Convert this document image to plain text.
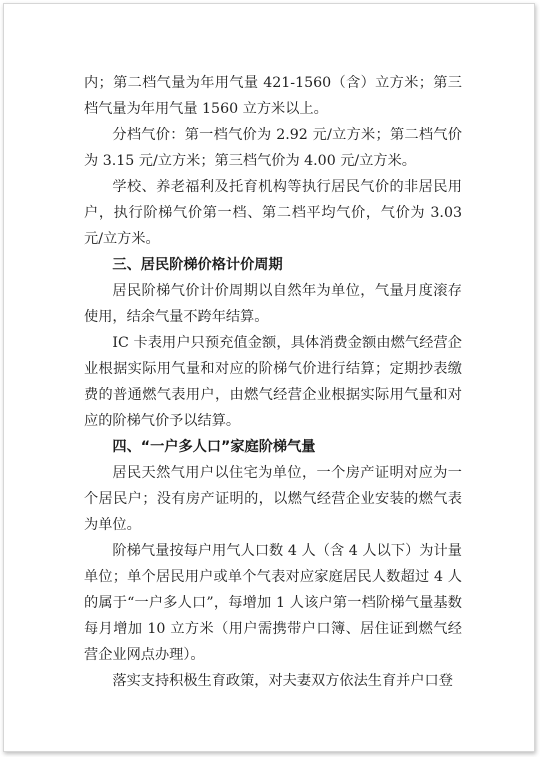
内；第二档气量为年用气量 421-1560（含）立方米；第三档气量为年用气量 1560 立方米以上。

分档气价：第一档气价为 2.92 元/立方米；第二档气价为 3.15 元/立方米；第三档气价为 4.00 元/立方米。

学校、养老福利及托育机构等执行居民气价的非居民用户，执行阶梯气价第一档、第二档平均气价，气价为 3.03 元/立方米。

三、居民阶梯价格计价周期

居民阶梯气价计价周期以自然年为单位，气量月度滚存使用，结余气量不跨年结算。

IC 卡表用户只预充值金额，具体消费金额由燃气经营企业根据实际用气量和对应的阶梯气价进行结算；定期抄表缴费的普通燃气表用户，由燃气经营企业根据实际用气量和对应的阶梯气价予以结算。

四、“一户多人口”家庭阶梯气量

居民天然气用户以住宅为单位，一个房产证明对应为一个居民户；没有房产证明的，以燃气经营企业安装的燃气表为单位。

阶梯气量按每户用气人口数 4 人（含 4 人以下）为计量单位；单个居民用户或单个气表对应家庭居民人数超过 4 人的属于“一户多人口”，每增加 1 人该户第一档阶梯气量基数每月增加 10 立方米（用户需携带户口簿、居住证到燃气经营企业网点办理）。

落实支持积极生育政策，对夫妻双方依法生育并户口登
